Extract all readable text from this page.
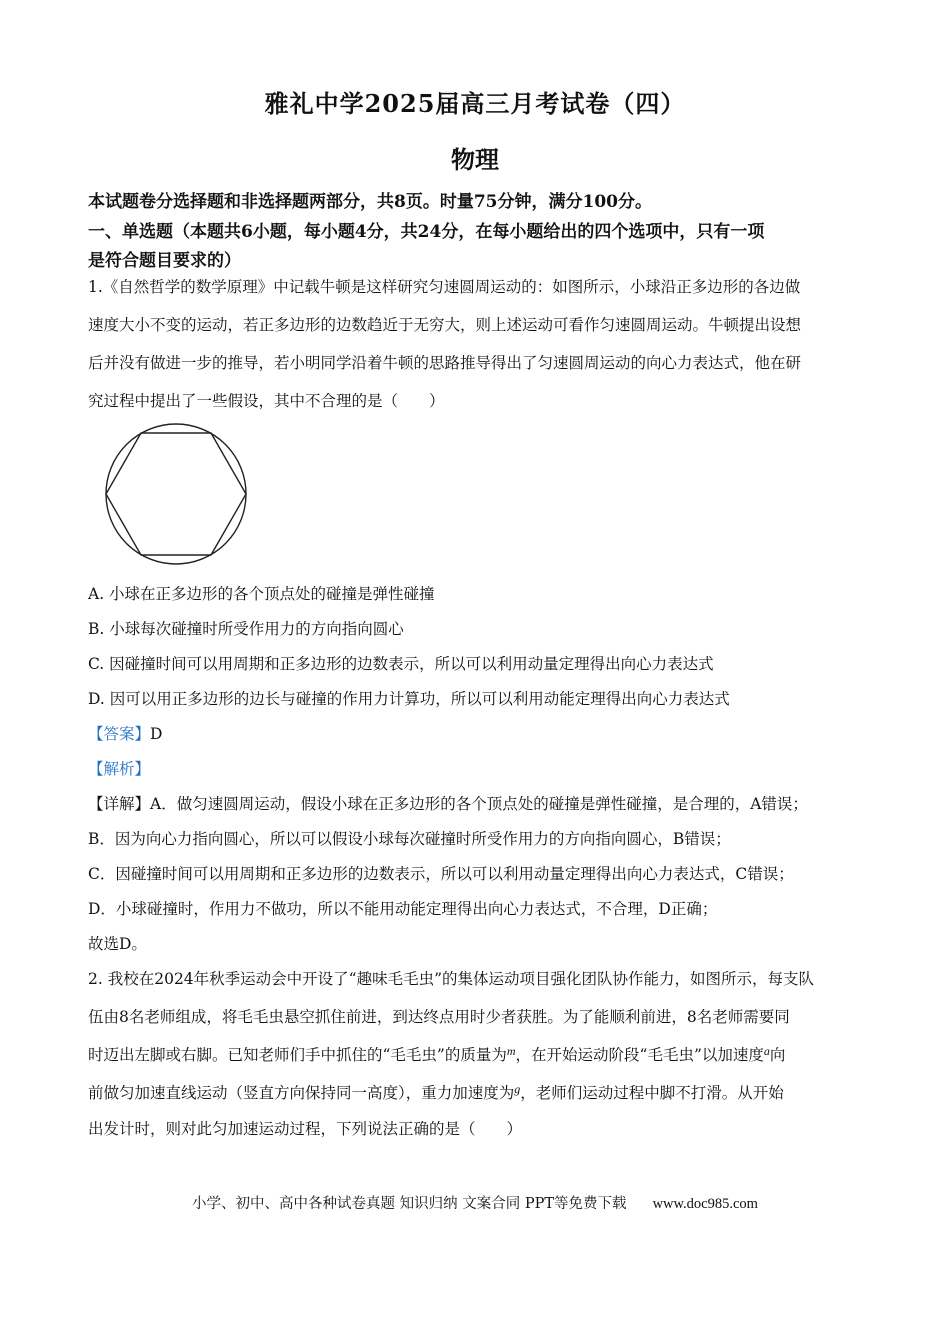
雅礼中学2025届高三月考试卷（四）
物理
本试题卷分选择题和非选择题两部分，共8页。时量75分钟，满分100分。
一、单选题（本题共6小题，每小题4分，共24分，在每小题给出的四个选项中，只有一项
是符合题目要求的）
1.《自然哲学的数学原理》中记载牛顿是这样研究匀速圆周运动的：如图所示，小球沿正多边形的各边做
速度大小不变的运动，若正多边形的边数趋近于无穷大，则上述运动可看作匀速圆周运动。牛顿提出设想
后并没有做进一步的推导，若小明同学沿着牛顿的思路推导得出了匀速圆周运动的向心力表达式，他在研
究过程中提出了一些假设，其中不合理的是（　　）
A. 小球在正多边形的各个顶点处的碰撞是弹性碰撞
B. 小球每次碰撞时所受作用力的方向指向圆心
C. 因碰撞时间可以用周期和正多边形的边数表示，所以可以利用动量定理得出向心力表达式
D. 因可以用正多边形的边长与碰撞的作用力计算功，所以可以利用动能定理得出向心力表达式
【答案】D
【解析】
【详解】A．做匀速圆周运动，假设小球在正多边形的各个顶点处的碰撞是弹性碰撞，是合理的，A错误；
B．因为向心力指向圆心，所以可以假设小球每次碰撞时所受作用力的方向指向圆心，B错误；
C．因碰撞时间可以用周期和正多边形的边数表示，所以可以利用动量定理得出向心力表达式，C错误；
D．小球碰撞时，作用力不做功，所以不能用动能定理得出向心力表达式，不合理，D正确；
故选D。
2. 我校在2024年秋季运动会中开设了“趣味毛毛虫”的集体运动项目强化团队协作能力，如图所示，每支队
伍由8名老师组成，将毛毛虫悬空抓住前进，到达终点用时少者获胜。为了能顺利前进，8名老师需要同
时迈出左脚或右脚。已知老师们手中抓住的“毛毛虫”的质量为$^m$，在开始运动阶段“毛毛虫”以加速度$^a$向
前做匀加速直线运动（竖直方向保持同一高度），重力加速度为$^g$，老师们运动过程中脚不打滑。从开始
出发计时，则对此匀加速运动过程，下列说法正确的是（　　）
小学、初中、高中各种试卷真题 知识归纳 文案合同 PPT等免费下载 www.doc985.com
